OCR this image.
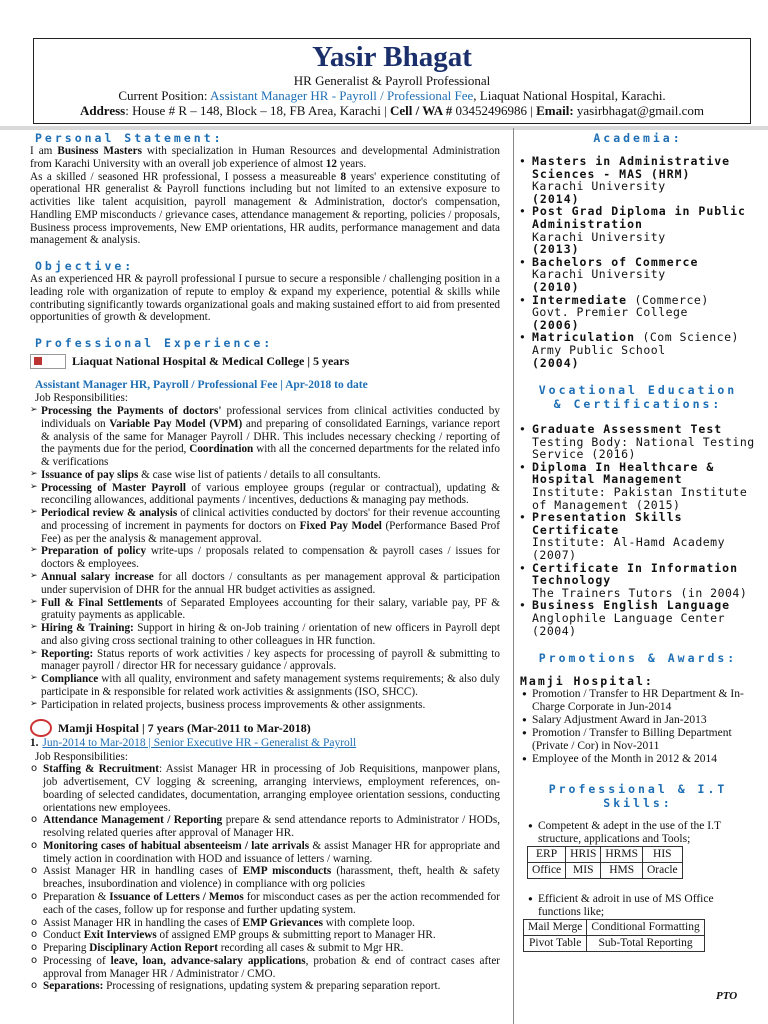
Yasir Bhagat
HR Generalist & Payroll Professional
Current Position: Assistant Manager HR - Payroll / Professional Fee, Liaquat National Hospital, Karachi.
Address: House # R – 148, Block – 18, FB Area, Karachi | Cell / WA # 03452496986 | Email: yasirbhagat@gmail.com
Personal Statement:

I am Business Masters with specialization in Human Resources and developmental Administration from Karachi University with an overall job experience of almost 12 years.

As a skilled / seasoned HR professional, I possess a measureable 8 years' experience constituting of operational HR generalist & Payroll functions including but not limited to an extensive exposure to activities like talent acquisition, payroll management & Administration, doctor's compensation, Handling EMP misconducts / grievance cases, attendance management & reporting, policies / proposals, Business process improvements, New EMP orientations, HR audits, performance management and data management & analysis.

Objective:

As an experienced HR & payroll professional I pursue to secure a responsible / challenging position in a leading role with organization of repute to employ & expand my experience, potential & skills while contributing significantly towards organizational goals and making sustained effort to aid from presented opportunities of growth & development.

Professional Experience:
Liaquat National Hospital & Medical College | 5 years
Assistant Manager HR, Payroll / Professional Fee | Apr-2018 to date
Job Responsibilities:
➢ Processing the Payments of doctors' professional services from clinical activities conducted by individuals on Variable Pay Model (VPM) and preparing of consolidated Earnings, variance report & analysis of the same for Manager Payroll / DHR. This includes necessary checking / reporting of the payments due for the period, Coordination with all the concerned departments for the related info & verifications
➢ Issuance of pay slips & case wise list of patients / details to all consultants.
➢ Processing of Master Payroll of various employee groups (regular or contractual), updating & reconciling allowances, additional payments / incentives, deductions & managing pay methods.
➢ Periodical review & analysis of clinical activities conducted by doctors' for their revenue accounting and processing of increment in payments for doctors on Fixed Pay Model (Performance Based Prof Fee) as per the analysis & management approval.
➢ Preparation of policy write-ups / proposals related to compensation & payroll cases / issues for doctors & employees.
➢ Annual salary increase for all doctors / consultants as per management approval & participation under supervision of DHR for the annual HR budget activities as assigned.
➢ Full & Final Settlements of Separated Employees accounting for their salary, variable pay, PF & gratuity payments as applicable.
➢ Hiring & Training: Support in hiring & on-Job training / orientation of new officers in Payroll dept and also giving cross sectional training to other colleagues in HR function.
➢ Reporting: Status reports of work activities / key aspects for processing of payroll & submitting to manager payroll / director HR for necessary guidance / approvals.
➢ Compliance with all quality, environment and safety management systems requirements; & also duly participate in & responsible for related work activities & assignments (ISO, SHCC).
➢ Participation in related projects, business process improvements & other assignments.
Mamji Hospital | 7 years (Mar-2011 to Mar-2018)
1. Jun-2014 to Mar-2018 | Senior Executive HR - Generalist & Payroll
Job Responsibilities:
o Staffing & Recruitment: Assist Manager HR in processing of Job Requisitions, manpower plans, job advertisement, CV logging & screening, arranging interviews, employment references, on-boarding of selected candidates, documentation, arranging employee orientation sessions, conducting orientations new employees.
o Attendance Management / Reporting prepare & send attendance reports to Administrator / HODs, resolving related queries after approval of Manager HR.
o Monitoring cases of habitual absenteeism / late arrivals & assist Manager HR for appropriate and timely action in coordination with HOD and issuance of letters / warning.
o Assist Manager HR in handling cases of EMP misconducts (harassment, theft, health & safety breaches, insubordination and violence) in compliance with org policies
o Preparation & Issuance of Letters / Memos for misconduct cases as per the action recommended for each of the cases, follow up for response and further updating system.
o Assist Manager HR in handling the cases of EMP Grievances with complete loop.
o Conduct Exit Interviews of assigned EMP groups & submitting report to Manager HR.
o Preparing Disciplinary Action Report recording all cases & submit to Mgr HR.
o Processing of leave, loan, advance-salary applications, probation & end of contract cases after approval from Manager HR / Administrator / CMO.
o Separations: Processing of resignations, updating system & preparing separation report.
Academia:
• Masters in Administrative Sciences - MAS (HRM)
Karachi University
(2014)
• Post Grad Diploma in Public Administration
Karachi University
(2013)
• Bachelors of Commerce
Karachi University
(2010)
• Intermediate (Commerce)
Govt. Premier College
(2006)
• Matriculation (Com Science)
Army Public School
(2004)
Vocational Education
& Certifications:
• Graduate Assessment Test
Testing Body: National Testing Service (2016)
• Diploma In Healthcare & Hospital Management
Institute: Pakistan Institute of Management (2015)
• Presentation Skills Certificate
Institute: Al-Hamd Academy (2007)
• Certificate In Information Technology
The Trainers Tutors (in 2004)
• Business English Language
Anglophile Language Center (2004)
Promotions & Awards:
Mamji Hospital:
• Promotion / Transfer to HR Department & In-Charge Corporate in Jun-2014
• Salary Adjustment Award in Jan-2013
• Promotion / Transfer to Billing Department (Private / Cor) in Nov-2011
• Employee of the Month in 2012 & 2014
Professional & I.T
Skills:
• Competent & adept in the use of the I.T structure, applications and Tools;
ERP	HRIS	HRMS	HIS
Office	MIS	HMS	Oracle
• Efficient & adroit in use of MS Office functions like;
Mail Merge	Conditional Formatting
Pivot Table	Sub-Total Reporting
PTO
